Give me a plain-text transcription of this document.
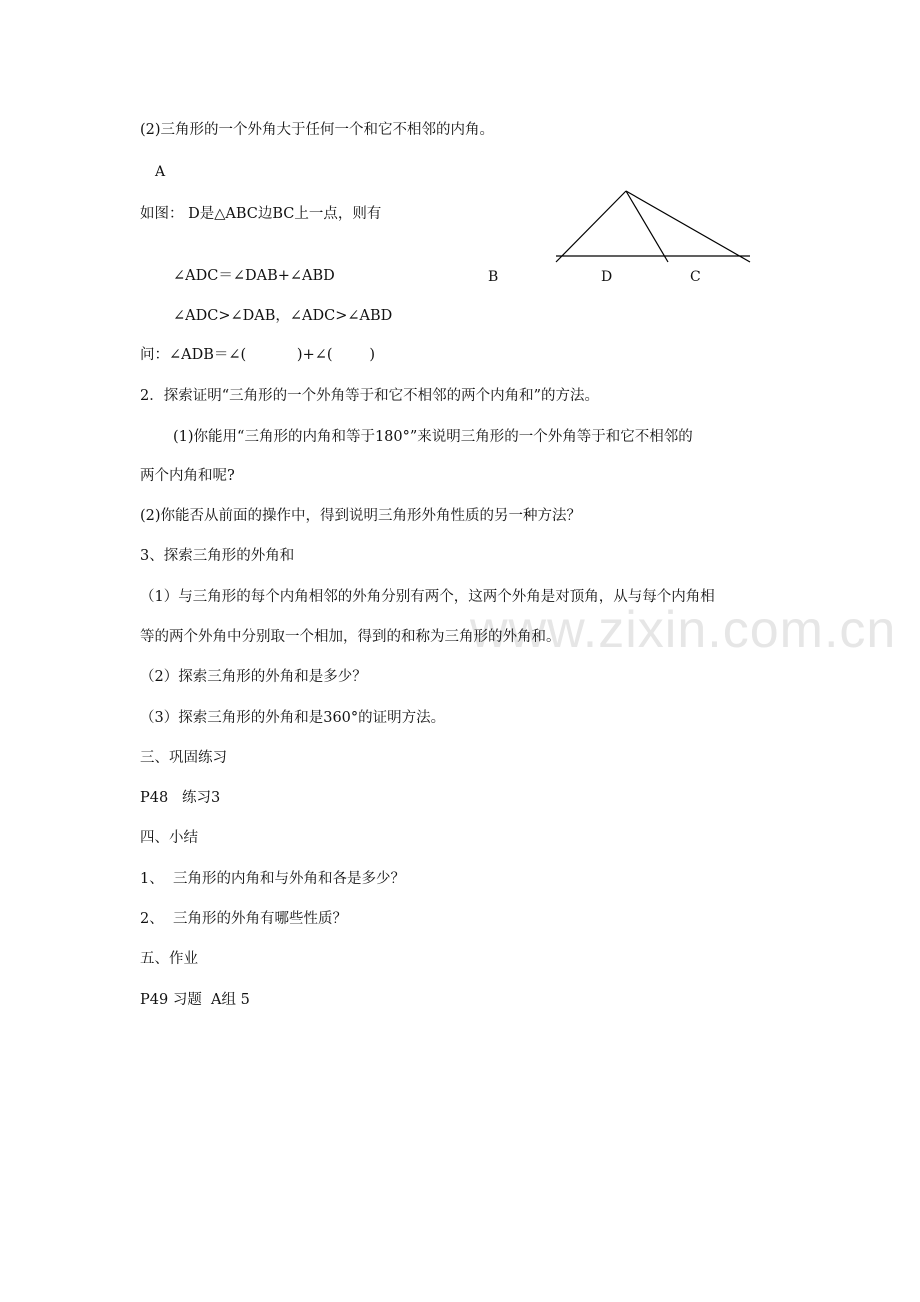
www.zixin.com.cn
(2)三角形的一个外角大于任何一个和它不相邻的内角。
A
如图： D是△ABC边BC上一点，则有
B	D	C
∠ADC＝∠DAB+∠ABD
∠ADC>∠DAB，∠ADC>∠ABD
问：∠ADB＝∠(           )+∠(        )
2．探索证明“三角形的一个外角等于和它不相邻的两个内角和”的方法。
(1)你能用“三角形的内角和等于180°”来说明三角形的一个外角等于和它不相邻的
两个内角和呢?
(2)你能否从前面的操作中，得到说明三角形外角性质的另一种方法？
3、探索三角形的外角和
（1）与三角形的每个内角相邻的外角分别有两个，这两个外角是对顶角，从与每个内角相
等的两个外角中分别取一个相加，得到的和称为三角形的外角和。
（2）探索三角形的外角和是多少？
（3）探索三角形的外角和是360°的证明方法。
三、巩固练习
P48   练习3
四、小结
1、  三角形的内角和与外角和各是多少？
2、  三角形的外角有哪些性质？
五、作业
P49 习题  A组 5
